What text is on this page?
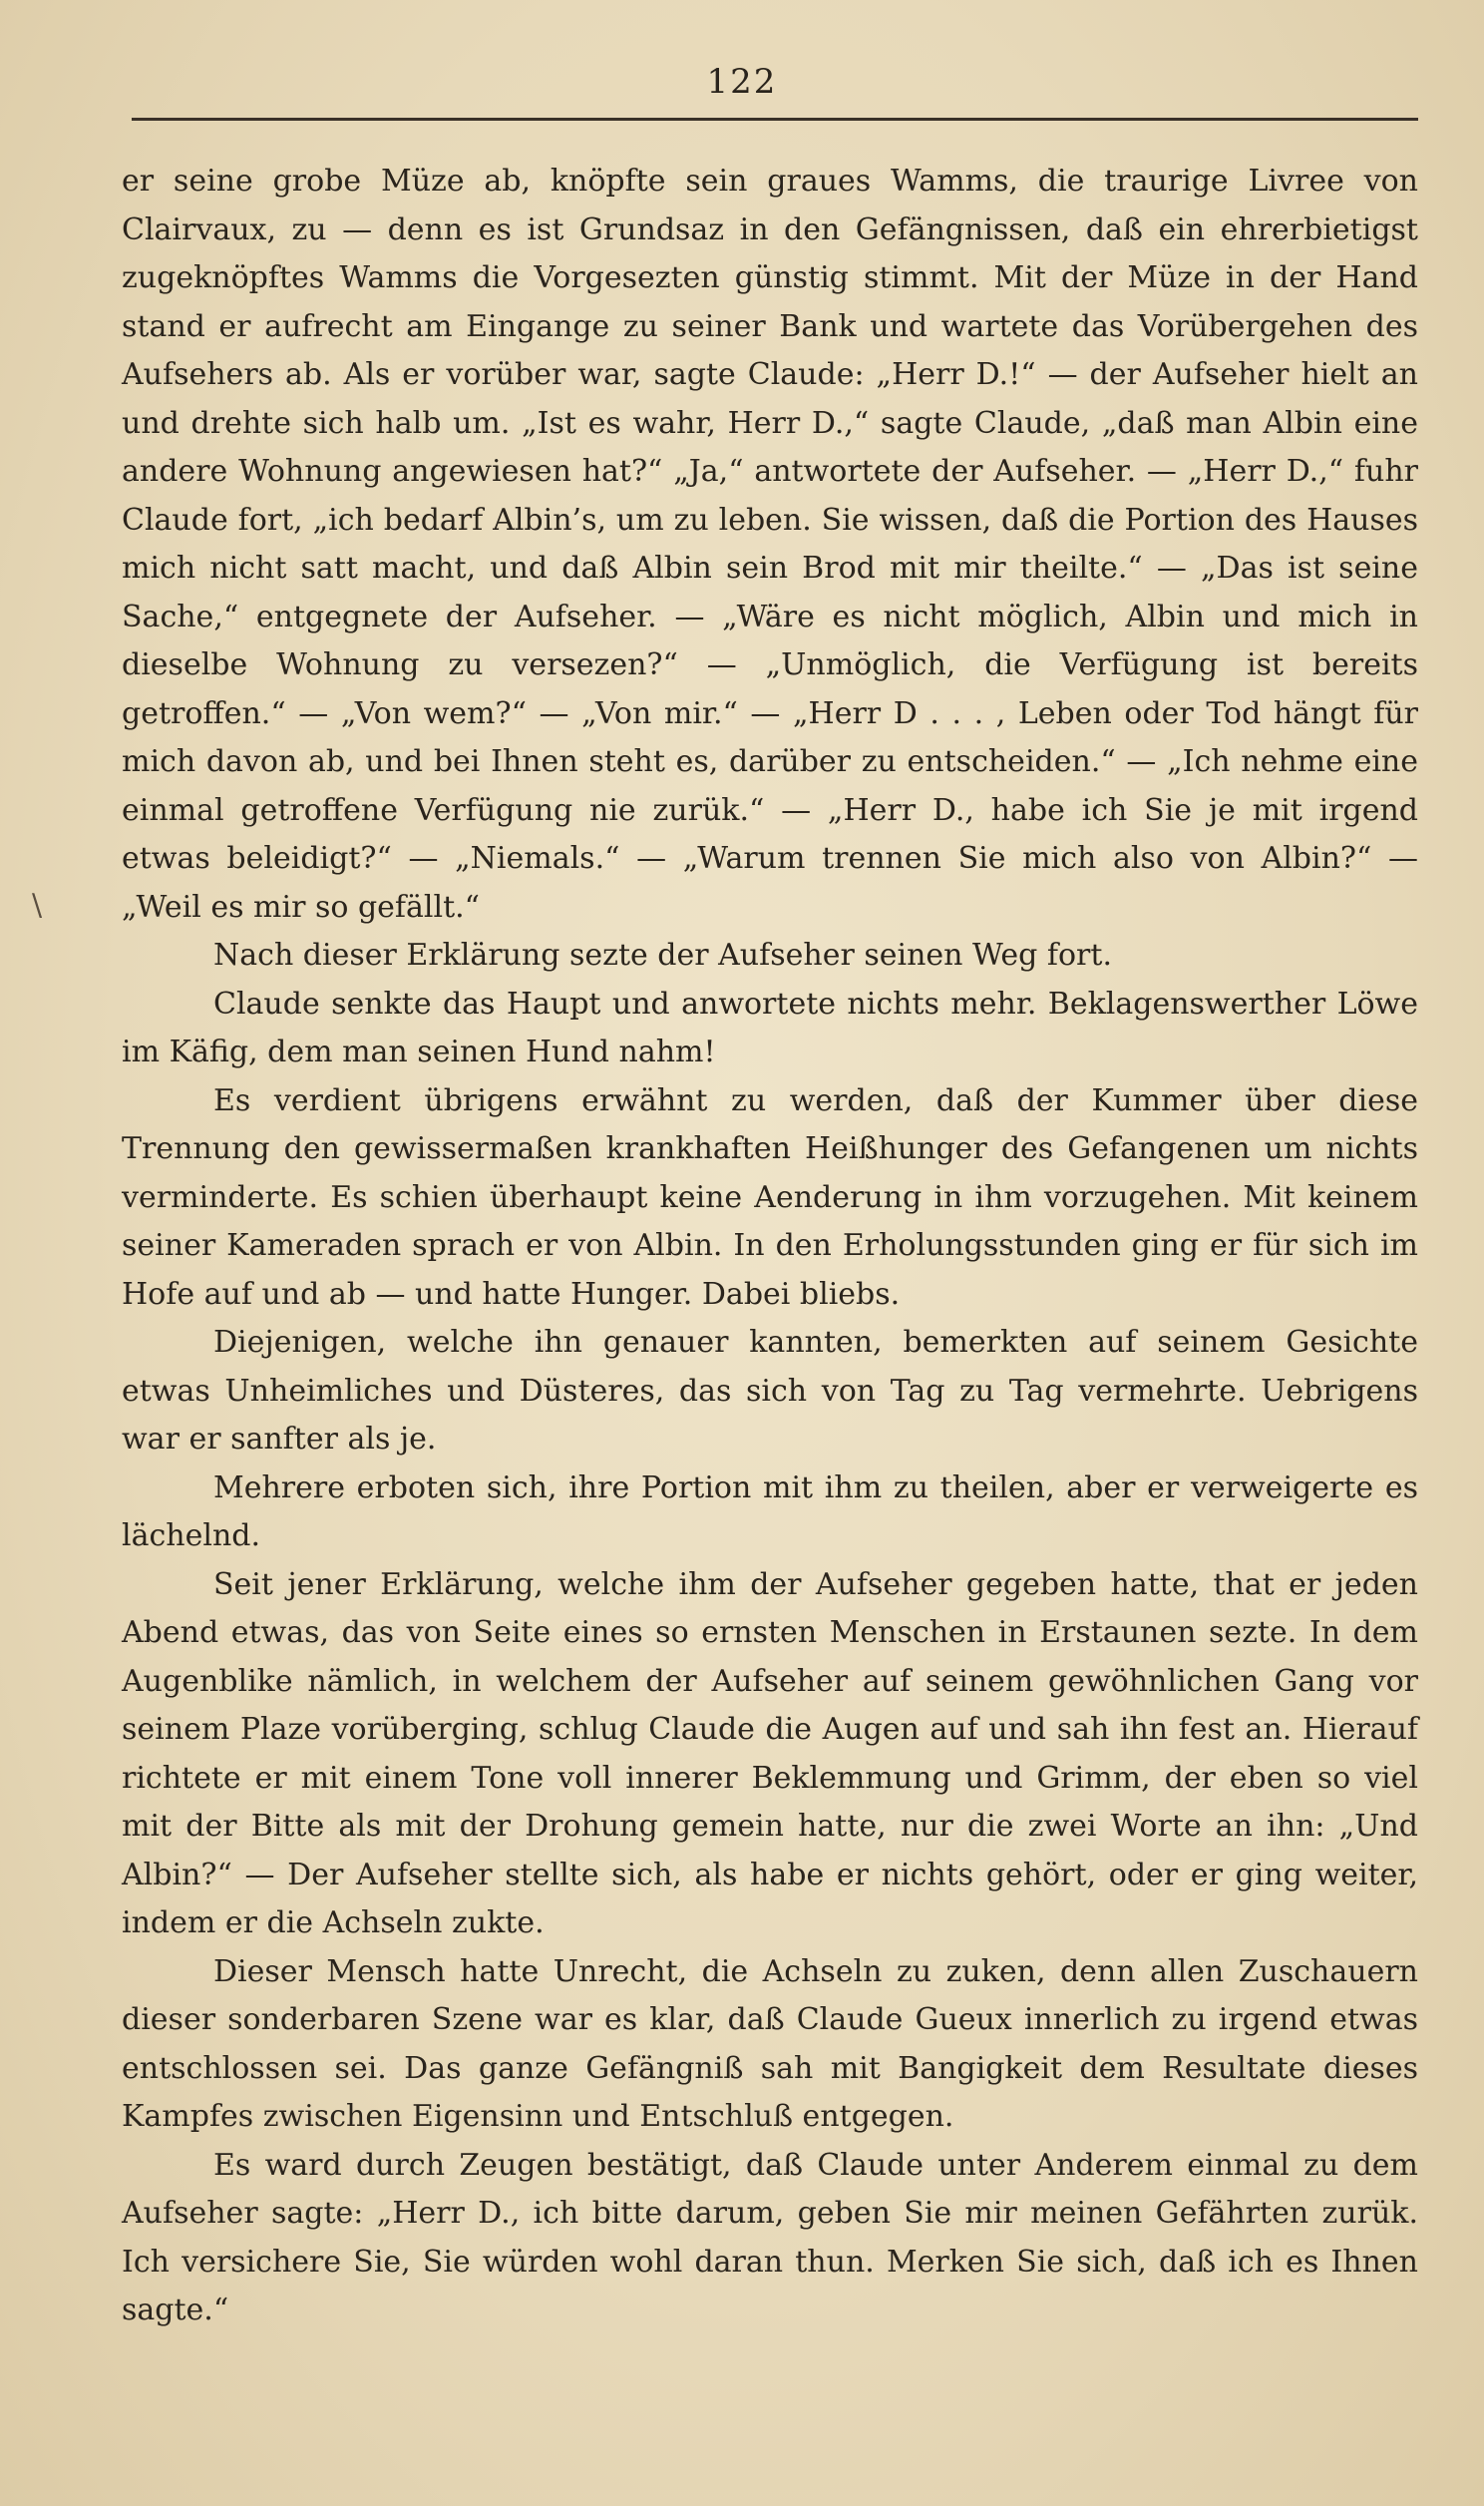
122
\

er seine grobe Müze ab, knöpfte sein graues Wamms, die traurige Livree von Clairvaux, zu — denn es ist Grundsaz in den Gefängnissen, daß ein ehrerbietigst zugeknöpftes Wamms die Vorgesezten günstig stimmt. Mit der Müze in der Hand stand er aufrecht am Eingange zu seiner Bank und wartete das Vorübergehen des Aufsehers ab. Als er vorüber war, sagte Claude: „Herr D.!“ — der Aufseher hielt an und drehte sich halb um. „Ist es wahr, Herr D.,“ sagte Claude, „daß man Albin eine andere Wohnung angewiesen hat?“ „Ja,“ antwortete der Aufseher. — „Herr D.,“ fuhr Claude fort, „ich bedarf Albin’s, um zu leben. Sie wissen, daß die Portion des Hauses mich nicht satt macht, und daß Albin sein Brod mit mir theilte.“ — „Das ist seine Sache,“ entgegnete der Aufseher. — „Wäre es nicht möglich, Albin und mich in dieselbe Wohnung zu versezen?“ — „Unmöglich, die Verfügung ist bereits getroffen.“ — „Von wem?“ — „Von mir.“ — „Herr D . . . , Leben oder Tod hängt für mich davon ab, und bei Ihnen steht es, darüber zu entscheiden.“ — „Ich nehme eine einmal getroffene Verfügung nie zurük.“ — „Herr D., habe ich Sie je mit irgend etwas beleidigt?“ — „Niemals.“ — „Warum trennen Sie mich also von Albin?“ — „Weil es mir so gefällt.“

Nach dieser Erklärung sezte der Aufseher seinen Weg fort.

Claude senkte das Haupt und anwortete nichts mehr. Beklagenswerther Löwe im Käfig, dem man seinen Hund nahm!

Es verdient übrigens erwähnt zu werden, daß der Kummer über diese Trennung den gewissermaßen krankhaften Heißhunger des Gefangenen um nichts verminderte. Es schien überhaupt keine Aenderung in ihm vorzugehen. Mit keinem seiner Kameraden sprach er von Albin. In den Erholungsstunden ging er für sich im Hofe auf und ab — und hatte Hunger. Dabei bliebs.

Diejenigen, welche ihn genauer kannten, bemerkten auf seinem Gesichte etwas Unheimliches und Düsteres, das sich von Tag zu Tag vermehrte. Uebrigens war er sanfter als je.

Mehrere erboten sich, ihre Portion mit ihm zu theilen, aber er verweigerte es lächelnd.

Seit jener Erklärung, welche ihm der Aufseher gegeben hatte, that er jeden Abend etwas, das von Seite eines so ernsten Menschen in Erstaunen sezte. In dem Augenblike nämlich, in welchem der Aufseher auf seinem gewöhnlichen Gang vor seinem Plaze vorüberging, schlug Claude die Augen auf und sah ihn fest an. Hierauf richtete er mit einem Tone voll innerer Beklemmung und Grimm, der eben so viel mit der Bitte als mit der Drohung gemein hatte, nur die zwei Worte an ihn: „Und Albin?“ — Der Aufseher stellte sich, als habe er nichts gehört, oder er ging weiter, indem er die Achseln zukte.

Dieser Mensch hatte Unrecht, die Achseln zu zuken, denn allen Zuschauern dieser sonderbaren Szene war es klar, daß Claude Gueux innerlich zu irgend etwas entschlossen sei. Das ganze Gefängniß sah mit Bangigkeit dem Resultate dieses Kampfes zwischen Eigensinn und Entschluß entgegen.

Es ward durch Zeugen bestätigt, daß Claude unter Anderem einmal zu dem Aufseher sagte: „Herr D., ich bitte darum, geben Sie mir meinen Gefährten zurük. Ich versichere Sie, Sie würden wohl daran thun. Merken Sie sich, daß ich es Ihnen sagte.“
